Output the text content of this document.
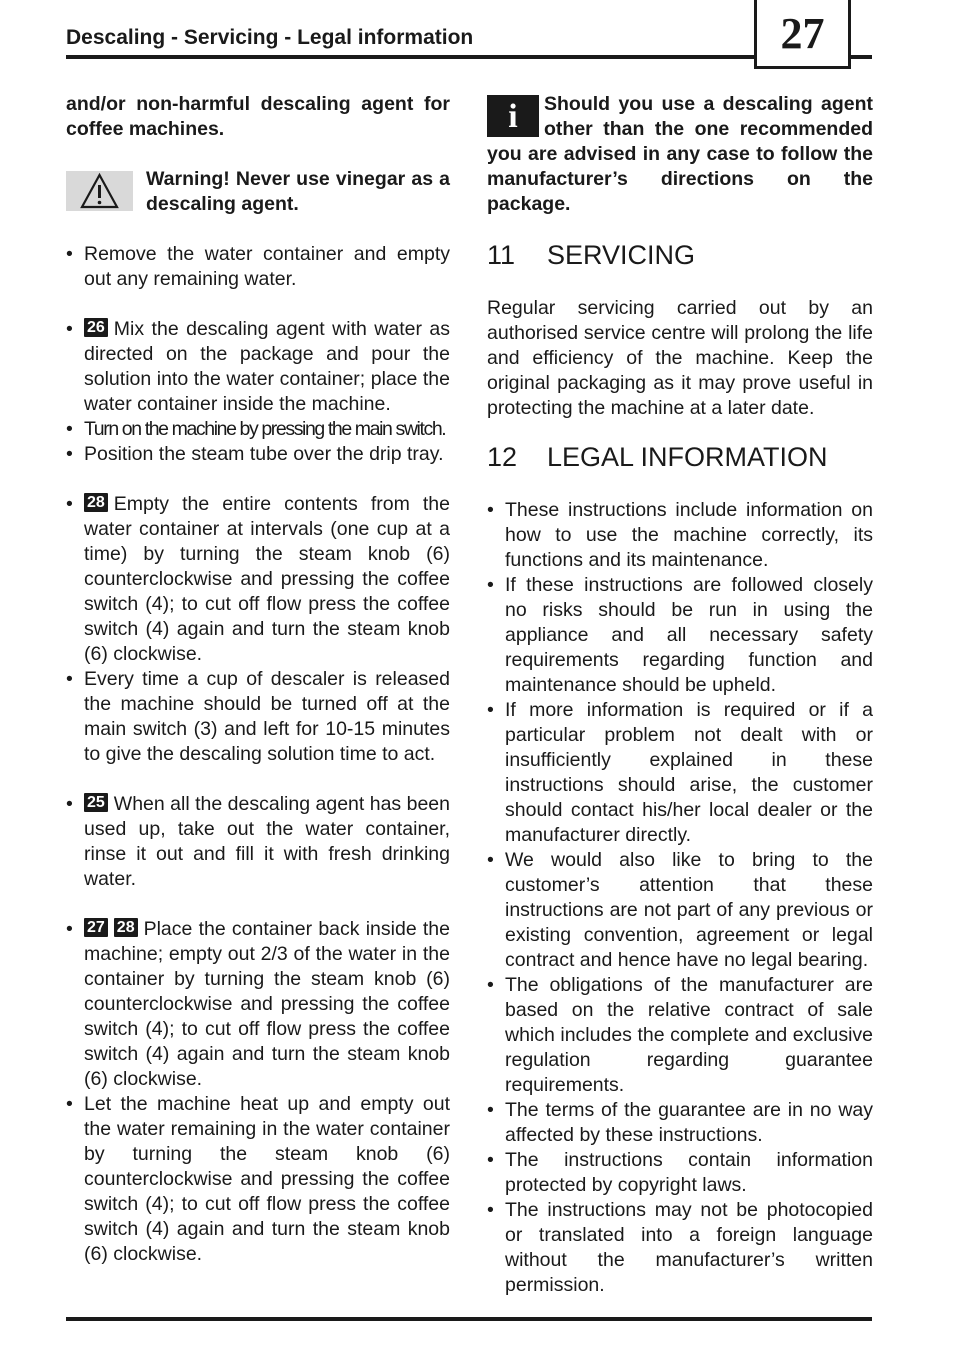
Descaling - Servicing - Legal information	27

and/or non-harmful descaling agent for coffee machines.

Warning! Never use vinegar as a descaling agent.
• Remove the water container and empty out any remaining water.
• 26 Mix the descaling agent with water as directed on the package and pour the solution into the water container; place the water container inside the machine.
• Turn on the machine by pressing the main switch.
• Position the steam tube over the drip tray.
• 28 Empty the entire contents from the water container at intervals (one cup at a time) by turning the steam knob (6) counterclockwise and pressing the coffee switch (4); to cut off flow press the coffee switch (4) again and turn the steam knob (6) clockwise.
• Every time a cup of descaler is released the machine should be turned off at the main switch (3) and left for 10-15 minutes to give the descaling solution time to act.
• 25 When all the descaling agent has been used up, take out the water container, rinse it out and fill it with fresh drinking water.
• 27 28 Place the container back inside the machine; empty out 2/3 of the water in the container by turning the steam knob (6) counterclockwise and pressing the coffee switch (4); to cut off flow press the coffee switch (4) again and turn the steam knob (6) clockwise.
• Let the machine heat up and empty out the water remaining in the water container by turning the steam knob (6) counterclockwise and pressing the coffee switch (4); to cut off flow press the coffee switch (4) again and turn the steam knob (6) clockwise.
i	Should you use a descaling agent other than the one recommended you are advised in any case to follow the manufacturer’s directions on the package.
11 SERVICING

Regular servicing carried out by an authorised service centre will prolong the life and efficiency of the machine. Keep the original packaging as it may prove useful in protecting the machine at a later date.

12 LEGAL INFORMATION
• These instructions include information on how to use the machine correctly, its functions and its maintenance.
• If these instructions are followed closely no risks should be run in using the appliance and all necessary safety requirements regarding function and maintenance should be upheld.
• If more information is required or if a particular problem not dealt with or insufficiently explained in these instructions should arise, the customer should contact his/her local dealer or the manufacturer directly.
• We would also like to bring to the customer’s attention that these instructions are not part of any previous or existing convention, agreement or legal contract and hence have no legal bearing.
• The obligations of the manufacturer are based on the relative contract of sale which includes the complete and exclusive regulation regarding guarantee requirements.
• The terms of the guarantee are in no way affected by these instructions.
• The instructions contain information protected by copyright laws.
• The instructions may not be photocopied or translated into a foreign language without the manufacturer’s written permission.
